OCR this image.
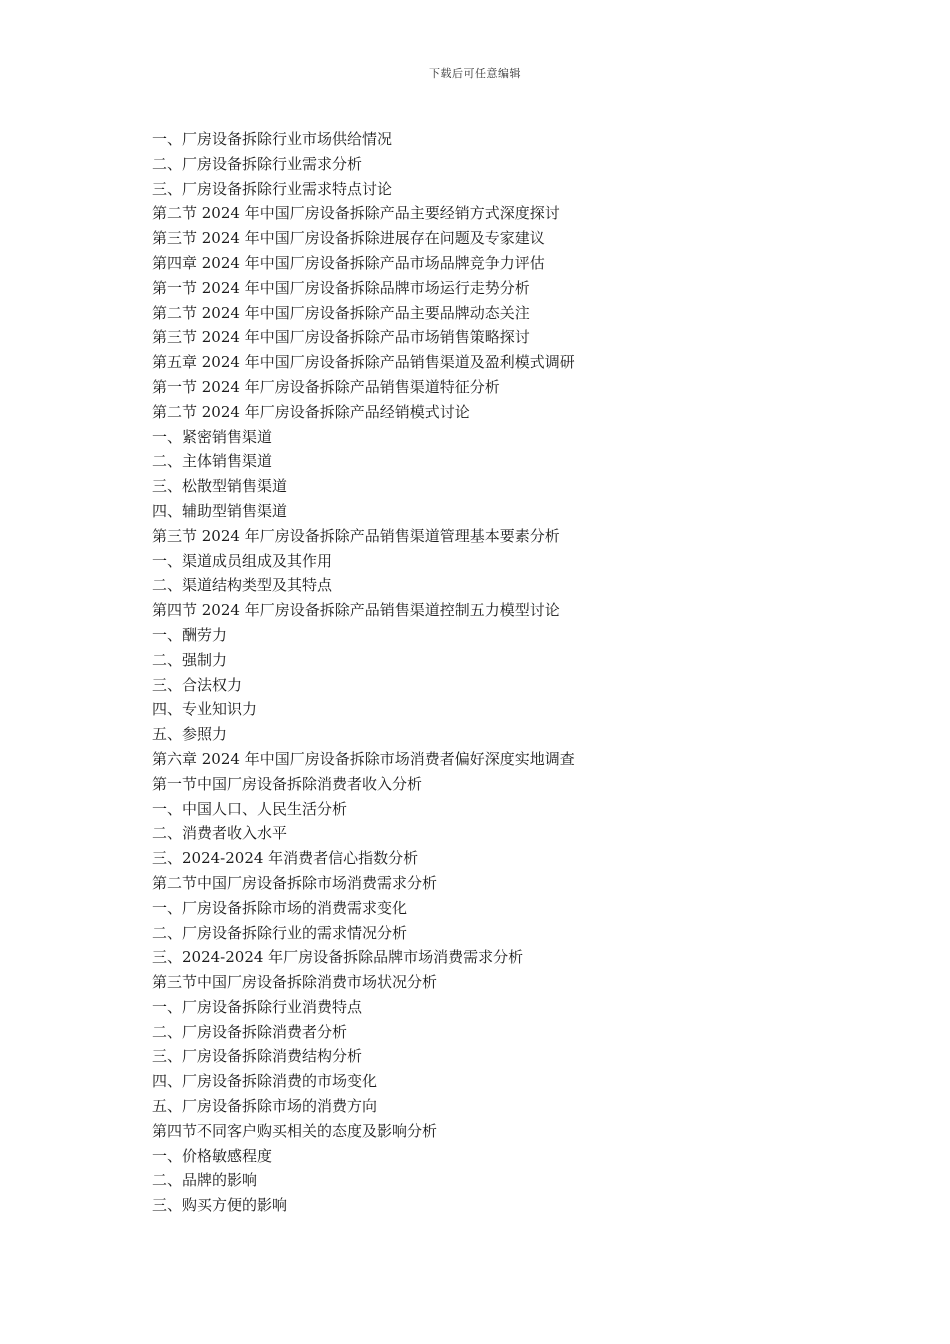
下载后可任意编辑
一、厂房设备拆除行业市场供给情况
二、厂房设备拆除行业需求分析
三、厂房设备拆除行业需求特点讨论
第二节 2024 年中国厂房设备拆除产品主要经销方式深度探讨
第三节 2024 年中国厂房设备拆除进展存在问题及专家建议
第四章 2024 年中国厂房设备拆除产品市场品牌竞争力评估
第一节 2024 年中国厂房设备拆除品牌市场运行走势分析
第二节 2024 年中国厂房设备拆除产品主要品牌动态关注
第三节 2024 年中国厂房设备拆除产品市场销售策略探讨
第五章 2024 年中国厂房设备拆除产品销售渠道及盈利模式调研
第一节 2024 年厂房设备拆除产品销售渠道特征分析
第二节 2024 年厂房设备拆除产品经销模式讨论
一、紧密销售渠道
二、主体销售渠道
三、松散型销售渠道
四、辅助型销售渠道
第三节 2024 年厂房设备拆除产品销售渠道管理基本要素分析
一、渠道成员组成及其作用
二、渠道结构类型及其特点
第四节 2024 年厂房设备拆除产品销售渠道控制五力模型讨论
一、酬劳力
二、强制力
三、合法权力
四、专业知识力
五、参照力
第六章 2024 年中国厂房设备拆除市场消费者偏好深度实地调查
第一节中国厂房设备拆除消费者收入分析
一、中国人口、人民生活分析
二、消费者收入水平
三、2024-2024 年消费者信心指数分析
第二节中国厂房设备拆除市场消费需求分析
一、厂房设备拆除市场的消费需求变化
二、厂房设备拆除行业的需求情况分析
三、2024-2024 年厂房设备拆除品牌市场消费需求分析
第三节中国厂房设备拆除消费市场状况分析
一、厂房设备拆除行业消费特点
二、厂房设备拆除消费者分析
三、厂房设备拆除消费结构分析
四、厂房设备拆除消费的市场变化
五、厂房设备拆除市场的消费方向
第四节不同客户购买相关的态度及影响分析
一、价格敏感程度
二、品牌的影响
三、购买方便的影响
